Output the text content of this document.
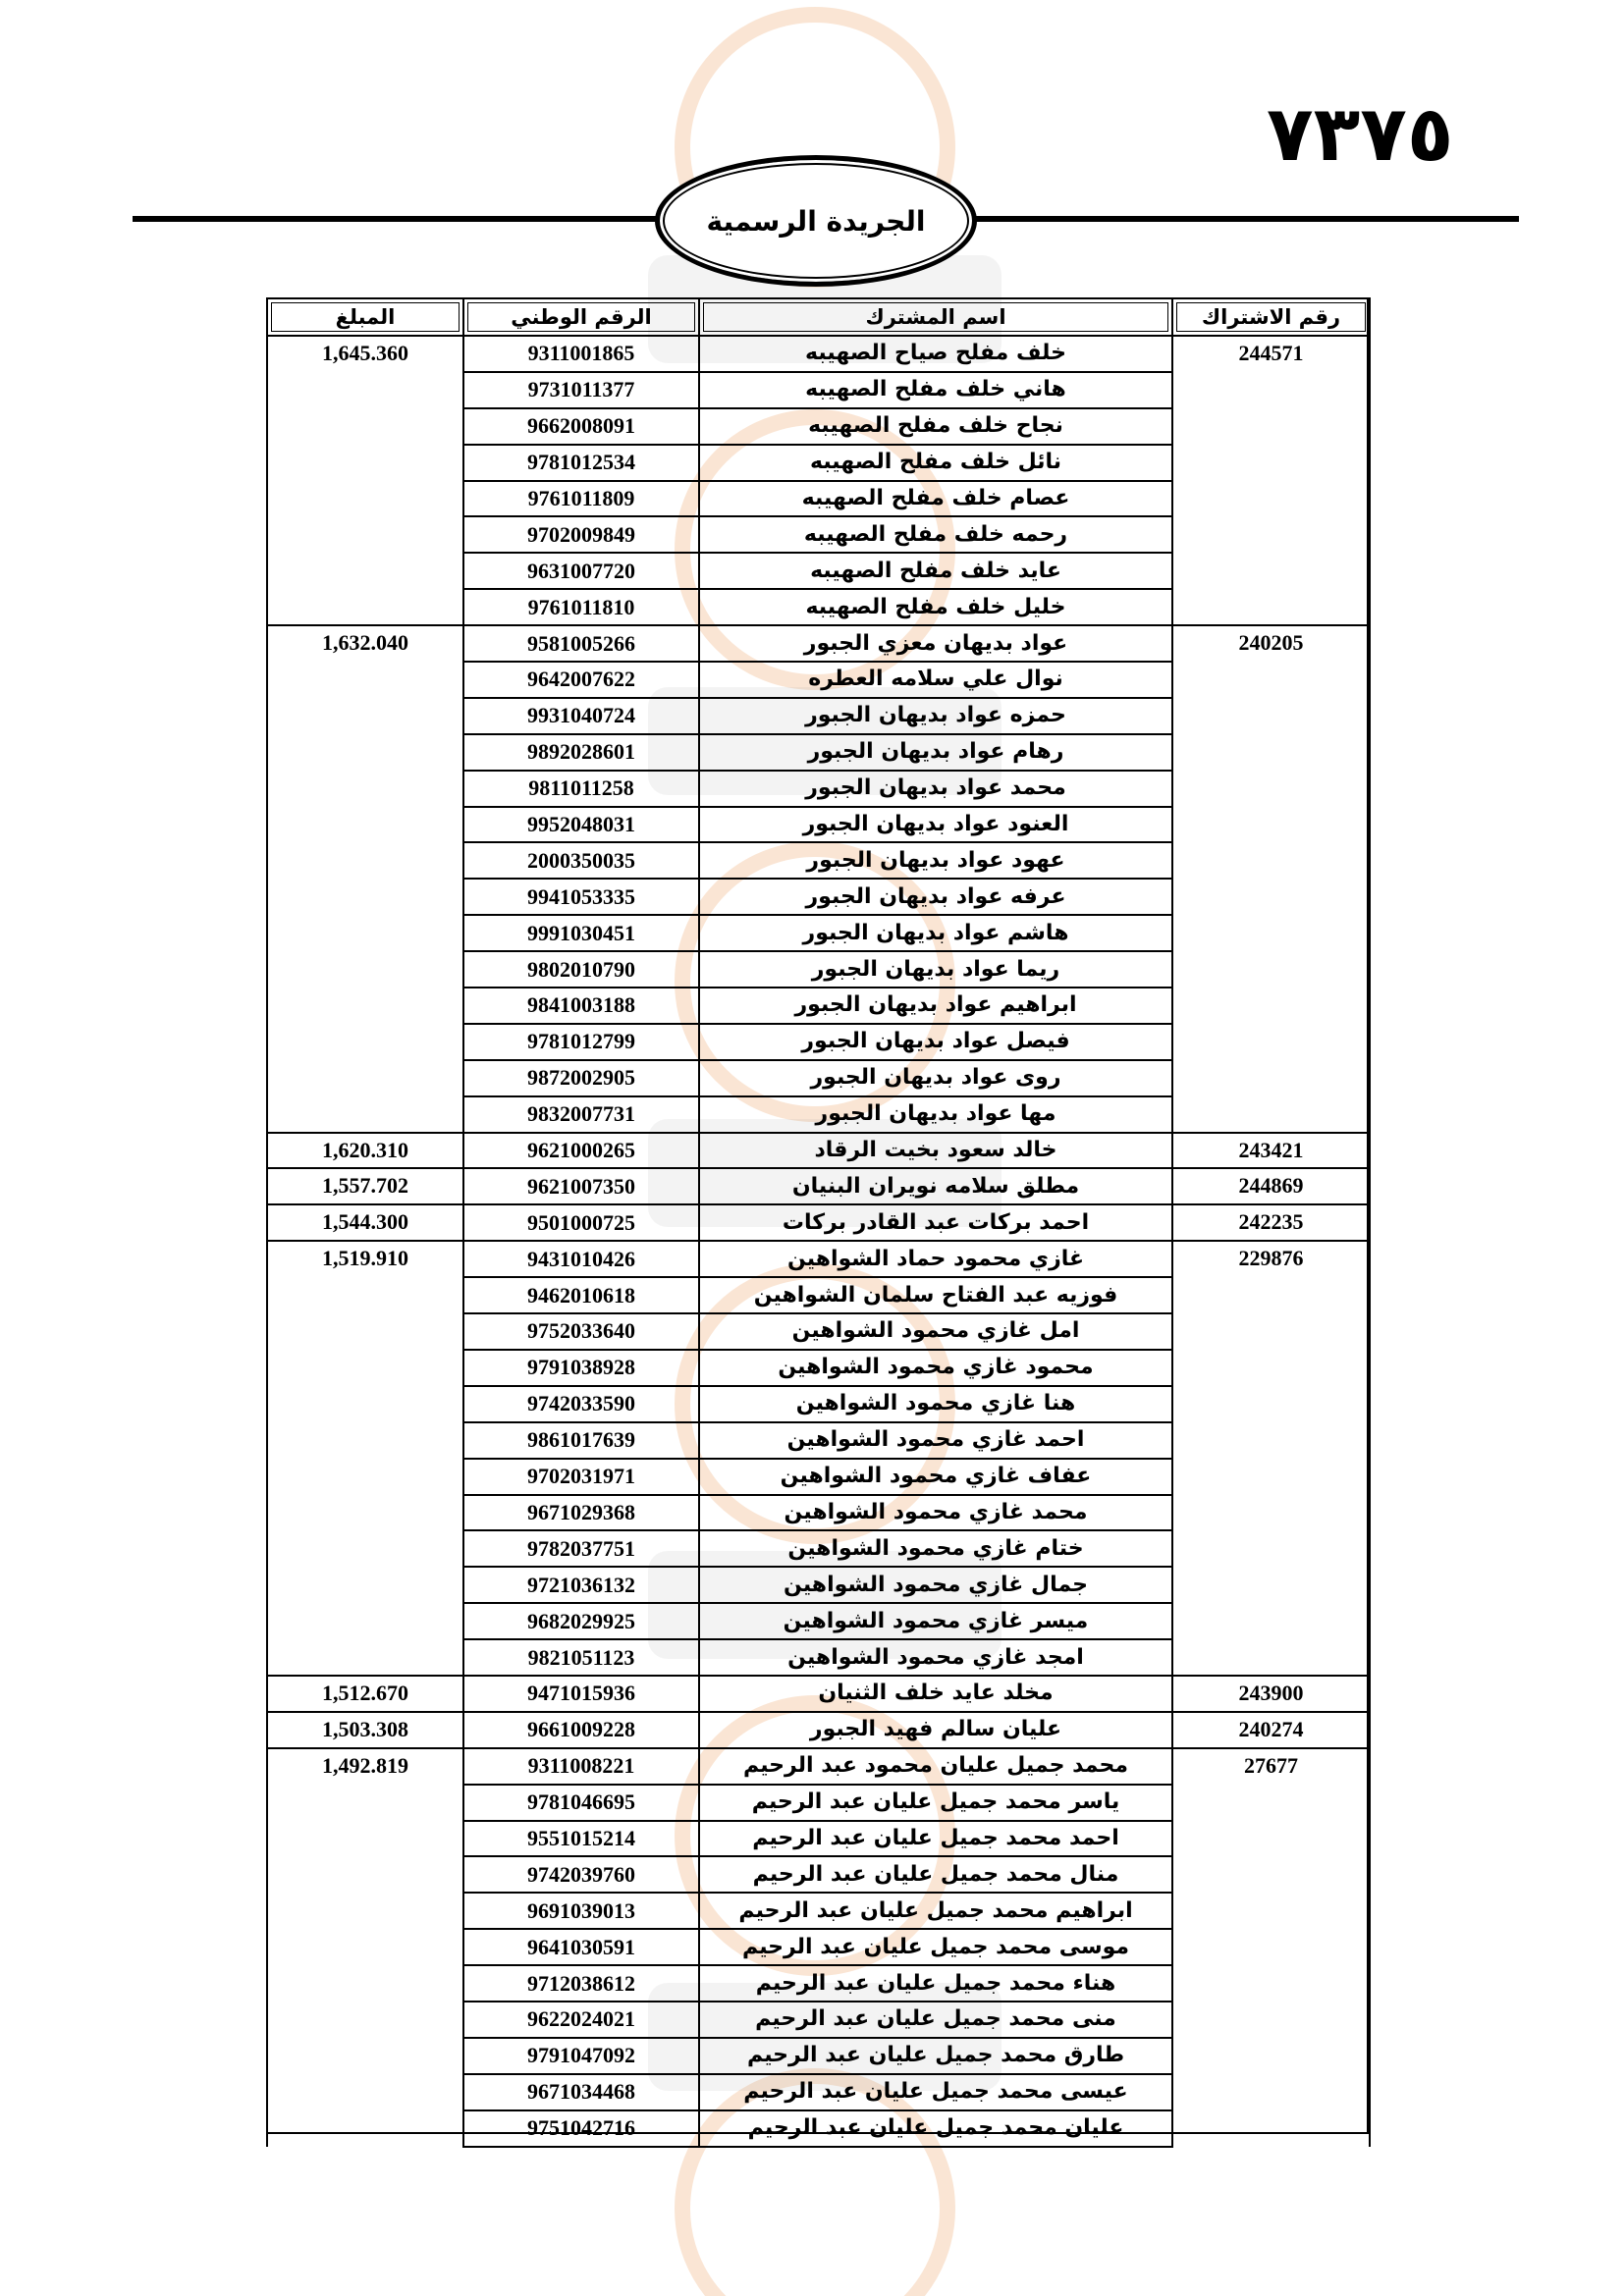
٧٣٧٥
الجريدة الرسمية
رقم الاشتراك	اسم المشترك	الرقم الوطني	المبلغ
244571	خلف مفلح صياح الصهيبه	9311001865	1,645.360
	هاني خلف مفلح الصهيبه	9731011377	
	نجاح خلف مفلح الصهيبه	9662008091	
	نائل خلف مفلح الصهيبه	9781012534	
	عصام خلف مفلح الصهيبه	9761011809	
	رحمه خلف مفلح الصهيبه	9702009849	
	عايد خلف مفلح الصهيبه	9631007720	
	خليل خلف مفلح الصهيبه	9761011810	
240205	عواد بديهان معزي الجبور	9581005266	1,632.040
	نوال علي سلامه العطره	9642007622	
	حمزه عواد بديهان الجبور	9931040724	
	رهام عواد بديهان الجبور	9892028601	
	محمد عواد بديهان الجبور	9811011258	
	العنود عواد بديهان الجبور	9952048031	
	عهود عواد بديهان الجبور	2000350035	
	عرفه عواد بديهان الجبور	9941053335	
	هاشم عواد بديهان الجبور	9991030451	
	ريما عواد بديهان الجبور	9802010790	
	ابراهيم عواد بديهان الجبور	9841003188	
	فيصل عواد بديهان الجبور	9781012799	
	روى عواد بديهان الجبور	9872002905	
	مها عواد بديهان الجبور	9832007731	
243421	خالد سعود بخيت الرقاد	9621000265	1,620.310
244869	مطلق سلامه نويران البنيان	9621007350	1,557.702
242235	احمد بركات عبد القادر بركات	9501000725	1,544.300
229876	غازي محمود حماد الشواهين	9431010426	1,519.910
	فوزيه عبد الفتاح سلمان الشواهين	9462010618	
	امل غازي محمود الشواهين	9752033640	
	محمود غازي محمود الشواهين	9791038928	
	هنا غازي محمود الشواهين	9742033590	
	احمد غازي محمود الشواهين	9861017639	
	عفاف غازي محمود الشواهين	9702031971	
	محمد غازي محمود الشواهين	9671029368	
	ختام غازي محمود الشواهين	9782037751	
	جمال غازي محمود الشواهين	9721036132	
	ميسر غازي محمود الشواهين	9682029925	
	امجد غازي محمود الشواهين	9821051123	
243900	مخلد عايد خلف الثنيان	9471015936	1,512.670
240274	عليان سالم فهيد الجبور	9661009228	1,503.308
27677	محمد جميل عليان محمود عبد الرحيم	9311008221	1,492.819
	ياسر محمد جميل عليان عبد الرحيم	9781046695	
	احمد محمد جميل عليان عبد الرحيم	9551015214	
	منال محمد جميل عليان عبد الرحيم	9742039760	
	ابراهيم محمد جميل عليان عبد الرحيم	9691039013	
	موسى محمد جميل عليان عبد الرحيم	9641030591	
	هناء محمد جميل عليان عبد الرحيم	9712038612	
	منى محمد جميل عليان عبد الرحيم	9622024021	
	طارق محمد جميل عليان عبد الرحيم	9791047092	
	عيسى محمد جميل عليان عبد الرحيم	9671034468	
	عليان محمد جميل عليان عبد الرحيم	9751042716	
